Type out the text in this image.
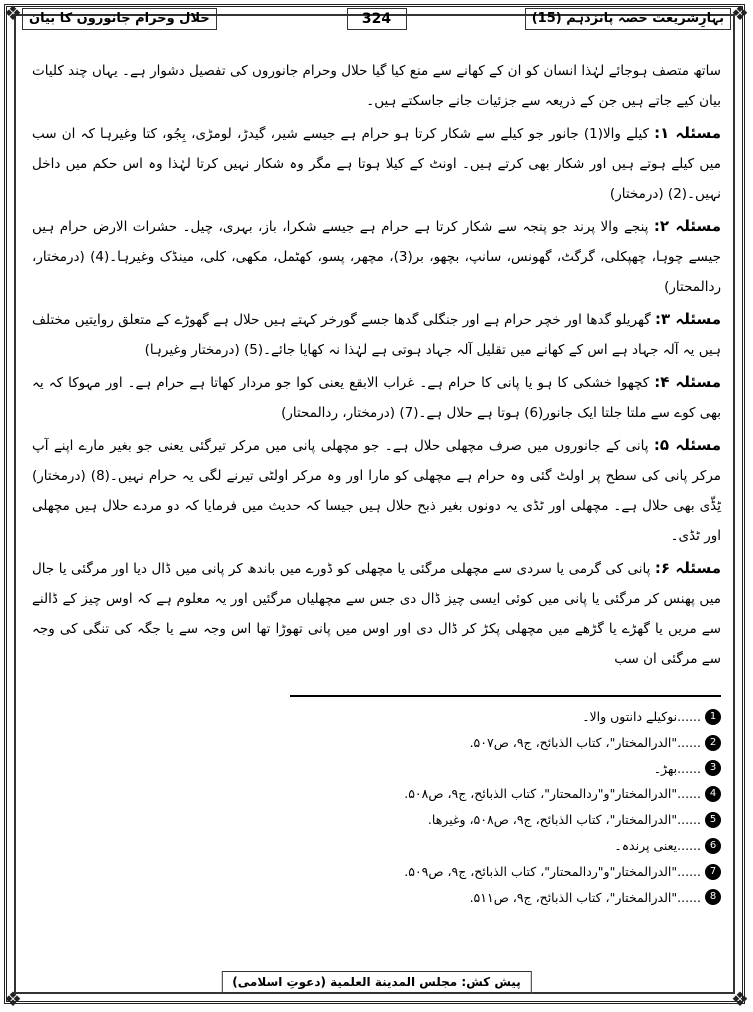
❖	❖
❖	❖
بہارِشریعت حصہ پانزدہم (15)
324
حلال وحرام جانوروں کا بیان

ساتھ متصف ہوجائے لہٰذا انسان کو ان کے کھانے سے منع کیا گیا حلال وحرام جانوروں کی تفصیل دشوار ہے۔ یہاں چند کلیات بیان کیے جاتے ہیں جن کے ذریعہ سے جزئیات جانے جاسکتے ہیں۔

مسئلہ ۱: کیلے والا(1) جانور جو کیلے سے شکار کرتا ہو حرام ہے جیسے شیر، گیدڑ، لومڑی، بِجُو، کتا وغیرہا کہ ان سب میں کیلے ہوتے ہیں اور شکار بھی کرتے ہیں۔ اونٹ کے کیلا ہوتا ہے مگر وہ شکار نہیں کرتا لہٰذا وہ اس حکم میں داخل نہیں۔(2) (درمختار)

مسئلہ ۲: پنجے والا پرند جو پنجہ سے شکار کرتا ہے حرام ہے جیسے شکرا، باز، بہری، چیل۔ حشرات الارض حرام ہیں جیسے چوہا، چھپکلی، گرگٹ، گھونس، سانپ، بچھو، بر(3)، مچھر، پسو، کھٹمل، مکھی، کلی، مینڈک وغیرہا۔(4) (درمختار، ردالمحتار)

مسئلہ ۳: گھریلو گدھا اور خچر حرام ہے اور جنگلی گدھا جسے گورخر کہتے ہیں حلال ہے گھوڑے کے متعلق روایتیں مختلف ہیں یہ آلہ جہاد ہے اس کے کھانے میں تقلیل آلہ جہاد ہوتی ہے لہٰذا نہ کھایا جائے۔(5) (درمختار وغیرہا)

مسئلہ ۴: کچھوا خشکی کا ہو یا پانی کا حرام ہے۔ غراب الابقع یعنی کوا جو مردار کھاتا ہے حرام ہے۔ اور مہوکا کہ یہ بھی کوے سے ملتا جلتا ایک جانور(6) ہوتا ہے حلال ہے۔(7) (درمختار، ردالمحتار)

مسئلہ ۵: پانی کے جانوروں میں صرف مچھلی حلال ہے۔ جو مچھلی پانی میں مرکر تیرگئی یعنی جو بغیر مارے اپنے آپ مرکر پانی کی سطح پر اولٹ گئی وہ حرام ہے مچھلی کو مارا اور وہ مرکر اولٹی تیرنے لگی یہ حرام نہیں۔(8) (درمختار) ٹِڈّی بھی حلال ہے۔ مچھلی اور ٹڈی یہ دونوں بغیر ذبح حلال ہیں جیسا کہ حدیث میں فرمایا کہ دو مردے حلال ہیں مچھلی اور ٹڈی۔

مسئلہ ۶: پانی کی گرمی یا سردی سے مچھلی مرگئی یا مچھلی کو ڈورے میں باندھ کر پانی میں ڈال دیا اور مرگئی یا جال میں پھنس کر مرگئی یا پانی میں کوئی ایسی چیز ڈال دی جس سے مچھلیاں مرگئیں اور یہ معلوم ہے کہ اوس چیز کے ڈالنے سے مریں یا گھڑے یا گڑھے میں مچھلی پکڑ کر ڈال دی اور اوس میں پانی تھوڑا تھا اس وجہ سے یا جگہ کی تنگی کی وجہ سے مرگئی ان سب

1
......نوکیلے دانتوں والا۔
2
......"الدرالمختار"، کتاب الذبائح، ج۹، ص۵۰۷.
3
......بھڑ۔
4
......"الدرالمختار"و"ردالمحتار"، کتاب الذبائح، ج۹، ص۵۰۸.
5
......"الدرالمختار"، کتاب الذبائح، ج۹، ص۵۰۸، وغیرها.
6
......یعنی پرندہ۔
7
......"الدرالمختار"و"ردالمحتار"، کتاب الذبائح، ج۹، ص۵۰۹.
8
......"الدرالمختار"، کتاب الذبائح، ج۹، ص۵۱۱.
پیش کش: مجلس المدینة العلمیة (دعوتِ اسلامی)
